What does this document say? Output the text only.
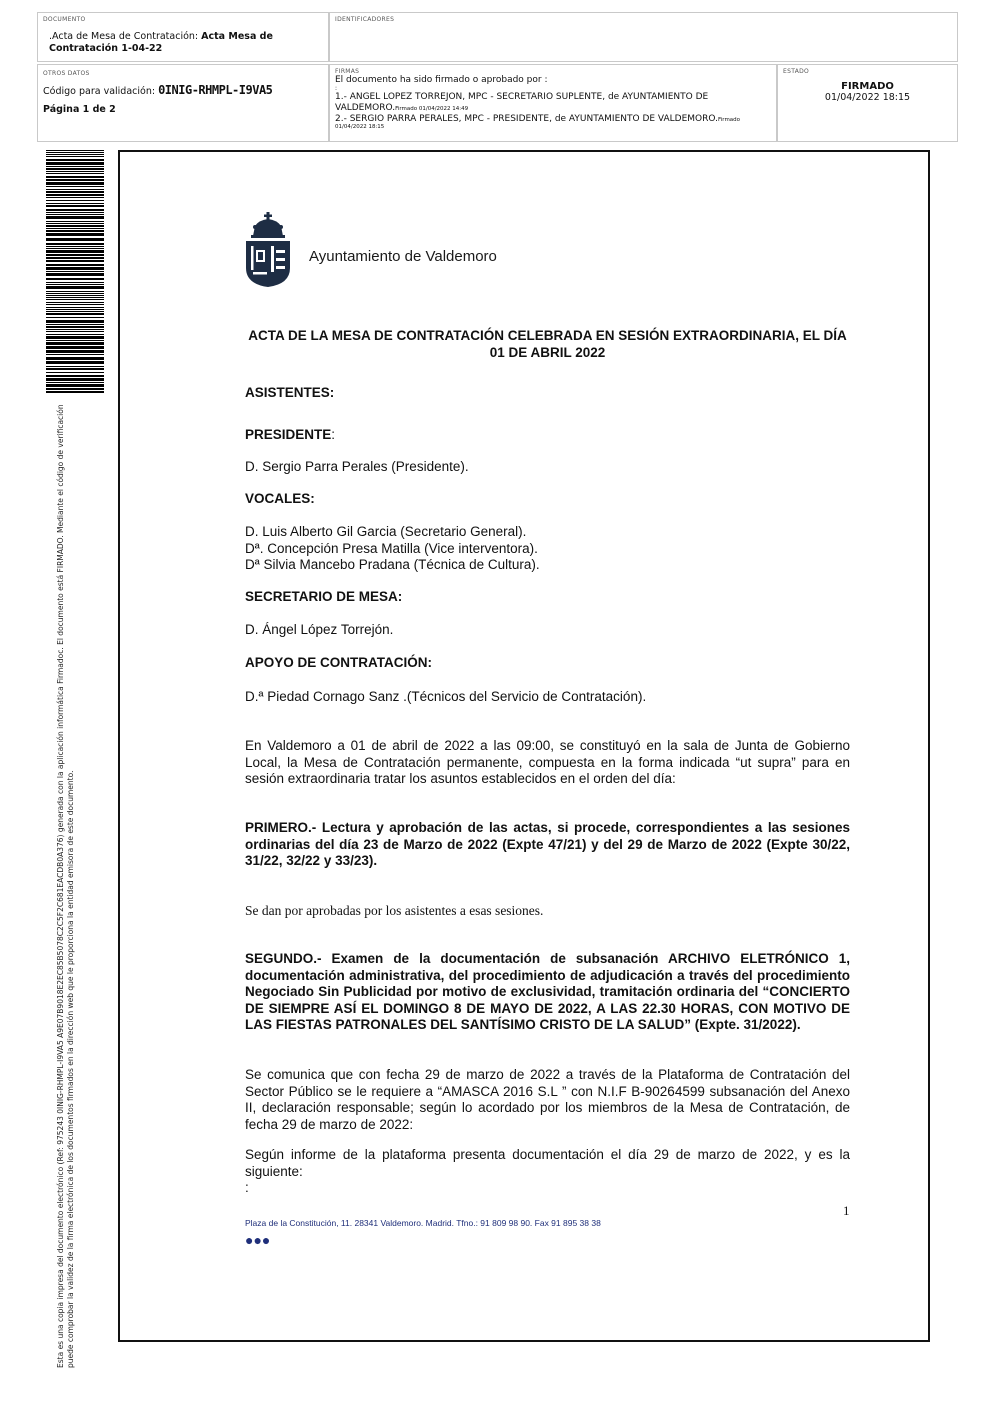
DOCUMENTO
.Acta de Mesa de Contratación: Acta Mesa de Contratación 1-04-22
IDENTIFICADORES
OTROS DATOS
Código para validación: 0INIG-RHMPL-I9VA5
Página 1 de 2
FIRMAS
El documento ha sido firmado o aprobado por :
:
1.- ANGEL LOPEZ TORREJON, MPC - SECRETARIO SUPLENTE, de AYUNTAMIENTO DE VALDEMORO.Firmado 01/04/2022 14:49
2.- SERGIO PARRA PERALES, MPC - PRESIDENTE, de AYUNTAMIENTO DE VALDEMORO.Firmado
01/04/2022 18:15
ESTADO
FIRMADO
01/04/2022 18:15
Esta es una copia impresa del documento electrónico (Ref: 975243 0INIG-RHMPL-I9VA5 A9E07B9018E2EC85B5078C2C5F2C681EACDB0A376) generada con la aplicación informática Firmadoc. El documento está FIRMADO. Mediante el código de verificación puede comprobar la validez de la firma electrónica de los documentos firmados en la dirección web que le proporciona la entidad emisora de este documento.
Ayuntamiento de Valdemoro
ACTA DE LA MESA DE CONTRATACIÓN CELEBRADA EN SESIÓN EXTRAORDINARIA, EL DÍA
01 DE ABRIL 2022
ASISTENTES:
PRESIDENTE:
D. Sergio Parra Perales (Presidente).
VOCALES:
D. Luis Alberto Gil Garcia (Secretario General).
Dª. Concepción Presa Matilla (Vice interventora).
Dª Silvia Mancebo Pradana (Técnica de Cultura).
SECRETARIO DE MESA:
D. Ángel López Torrejón.
APOYO DE CONTRATACIÓN:
D.ª Piedad Cornago Sanz .(Técnicos del Servicio de Contratación).
En Valdemoro a 01 de abril de 2022 a las 09:00, se constituyó en la sala de Junta de Gobierno Local, la Mesa de Contratación permanente, compuesta en la forma indicada “ut supra” para en sesión extraordinaria tratar los asuntos establecidos en el orden del día:
PRIMERO.- Lectura y aprobación de las actas, si procede, correspondientes a las sesiones ordinarias del día 23 de Marzo de 2022 (Expte 47/21) y del 29 de Marzo de 2022 (Expte 30/22, 31/22, 32/22 y 33/23).
Se dan por aprobadas por los asistentes a esas sesiones.
SEGUNDO.- Examen de la documentación de subsanación ARCHIVO ELETRÓNICO 1, documentación administrativa, del procedimiento de adjudicación a través del procedimiento Negociado Sin Publicidad por motivo de exclusividad, tramitación ordinaria del “CONCIERTO DE SIEMPRE ASÍ EL DOMINGO 8 DE MAYO DE 2022, A LAS 22.30 HORAS, CON MOTIVO DE LAS FIESTAS PATRONALES DEL SANTÍSIMO CRISTO DE LA SALUD” (Expte. 31/2022).
Se comunica que con fecha 29 de marzo de 2022 a través de la Plataforma de Contratación del Sector Público se le requiere a “AMASCA 2016 S.L ” con N.I.F B-90264599 subsanación del Anexo II, declaración responsable; según lo acordado por los miembros de la Mesa de Contratación, de fecha 29 de marzo de 2022:
Según informe de la plataforma presenta documentación el día 29 de marzo de 2022, y es la siguiente:
:
1
Plaza de la Constitución, 11. 28341 Valdemoro. Madrid. Tfno.: 91 809 98 90. Fax 91 895 38 38
●●●
